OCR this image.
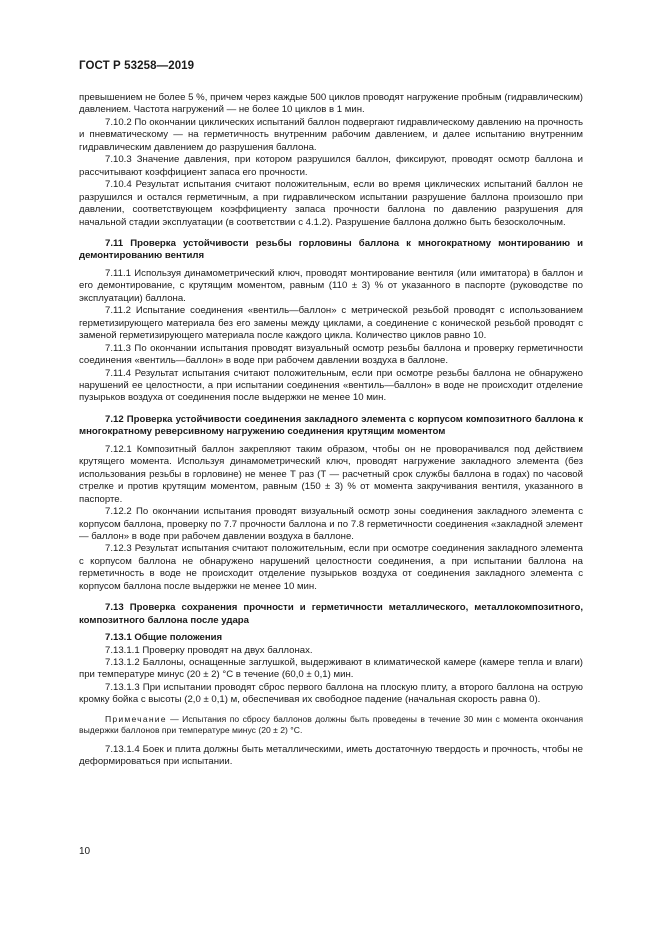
ГОСТ Р 53258—2019

превышением не более 5 %, причем через каждые 500 циклов проводят нагружение пробным (гидравлическим) давлением. Частота нагружений — не более 10 циклов в 1 мин.

7.10.2 По окончании циклических испытаний баллон подвергают гидравлическому давлению на прочность и пневматическому — на герметичность внутренним рабочим давлением, и далее испытанию внутренним гидравлическим давлением до разрушения баллона.

7.10.3 Значение давления, при котором разрушился баллон, фиксируют, проводят осмотр баллона и рассчитывают коэффициент запаса его прочности.

7.10.4 Результат испытания считают положительным, если во время циклических испытаний баллон не разрушился и остался герметичным, а при гидравлическом испытании разрушение баллона произошло при давлении, соответствующем коэффициенту запаса прочности баллона по давлению разрушения для начальной стадии эксплуатации (в соответствии с 4.1.2). Разрушение баллона должно быть безосколочным.

7.11 Проверка устойчивости резьбы горловины баллона к многократному монтированию и демонтированию вентиля

7.11.1 Используя динамометрический ключ, проводят монтирование вентиля (или имитатора) в баллон и его демонтирование, с крутящим моментом, равным (110 ± 3) % от указанного в паспорте (руководстве по эксплуатации) баллона.

7.11.2 Испытание соединения «вентиль—баллон» с метрической резьбой проводят с использованием герметизирующего материала без его замены между циклами, а соединение с конической резьбой проводят с заменой герметизирующего материала после каждого цикла. Количество циклов равно 10.

7.11.3 По окончании испытания проводят визуальный осмотр резьбы баллона и проверку герметичности соединения «вентиль—баллон» в воде при рабочем давлении воздуха в баллоне.

7.11.4 Результат испытания считают положительным, если при осмотре резьбы баллона не обнаружено нарушений ее целостности, а при испытании соединения «вентиль—баллон» в воде не происходит отделение пузырьков воздуха от соединения после выдержки не менее 10 мин.

7.12 Проверка устойчивости соединения закладного элемента с корпусом композитного баллона к многократному реверсивному нагружению соединения крутящим моментом

7.12.1 Композитный баллон закрепляют таким образом, чтобы он не проворачивался под действием крутящего момента. Используя динамометрический ключ, проводят нагружение закладного элемента (без использования резьбы в горловине) не менее Т раз (Т — расчетный срок службы баллона в годах) по часовой стрелке и против крутящим моментом, равным (150 ± 3) % от момента закручивания вентиля, указанного в паспорте.

7.12.2 По окончании испытания проводят визуальный осмотр зоны соединения закладного элемента с корпусом баллона, проверку по 7.7 прочности баллона и по 7.8 герметичности соединения «закладной элемент — баллон» в воде при рабочем давлении воздуха в баллоне.

7.12.3 Результат испытания считают положительным, если при осмотре соединения закладного элемента с корпусом баллона не обнаружено нарушений целостности соединения, а при испытании баллона на герметичность в воде не происходит отделение пузырьков воздуха от соединения закладного элемента с корпусом баллона после выдержки не менее 10 мин.

7.13 Проверка сохранения прочности и герметичности металлического, металлокомпозитного, композитного баллона после удара

7.13.1 Общие положения

7.13.1.1 Проверку проводят на двух баллонах.

7.13.1.2 Баллоны, оснащенные заглушкой, выдерживают в климатической камере (камере тепла и влаги) при температуре минус (20 ± 2) °С в течение (60,0 ± 0,1) мин.

7.13.1.3 При испытании проводят сброс первого баллона на плоскую плиту, а второго баллона на острую кромку бойка с высоты (2,0 ± 0,1) м, обеспечивая их свободное падение (начальная скорость равна 0).

Примечание — Испытания по сбросу баллонов должны быть проведены в течение 30 мин с момента окончания выдержки баллонов при температуре минус (20 ± 2) °С.

7.13.1.4 Боек и плита должны быть металлическими, иметь достаточную твердость и прочность, чтобы не деформироваться при испытании.

10
